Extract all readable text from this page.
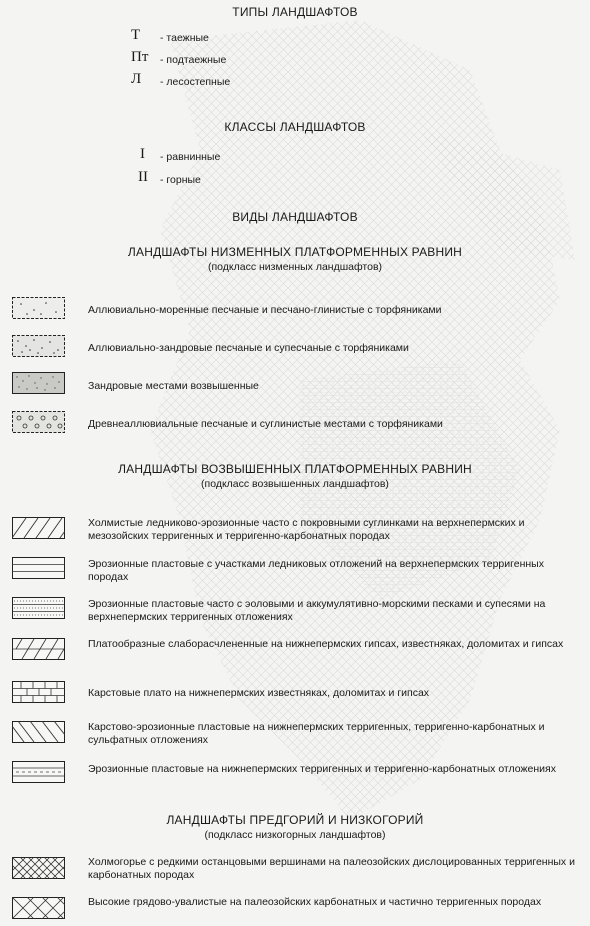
ТИПЫ ЛАНДШАФТОВ
Т - таежные
Пт - подтаежные
Л - лесостепные
КЛАССЫ ЛАНДШАФТОВ
I - равнинные
II - горные
ВИДЫ ЛАНДШАФТОВ
ЛАНДШАФТЫ НИЗМЕННЫХ ПЛАТФОРМЕННЫХ РАВНИН
(подкласс низменных ландшафтов)
Аллювиально-моренные песчаные и песчано-глинистые с торфяниками
Аллювиально-зандровые песчаные и супесчаные с торфяниками
Зандровые местами возвышенные
Древнеаллювиальные песчаные и суглинистые местами с торфяниками
ЛАНДШАФТЫ ВОЗВЫШЕННЫХ ПЛАТФОРМЕННЫХ РАВНИН
(подкласс возвышенных ландшафтов)
Холмистые ледниково-эрозионные часто с покровными суглинками на верхнепермских и мезозойских терригенных и терригенно-карбонатных породах
Эрозионные пластовые с участками ледниковых отложений на верхнепермских терригенных породах
Эрозионные пластовые часто с эоловыми и аккумулятивно-морскими песками и супесями на верхнепермских терригенных отложениях
Платообразные слаборасчлененные на нижнепермских гипсах, известняках, доломитах и гипсах
Карстовые плато на нижнепермских известняках, доломитах и гипсах
Карстово-эрозионные пластовые на нижнепермских терригенных, терригенно-карбонатных и сульфатных отложениях
Эрозионные пластовые на нижнепермских терригенных и терригенно-карбонатных отложениях
ЛАНДШАФТЫ ПРЕДГОРИЙ И НИЗКОГОРИЙ
(подкласс низкогорных ландшафтов)
Холмогорье с редкими останцовыми вершинами на палеозойских дислоцированных терригенных и карбонатных породах
Высокие грядово-увалистые на палеозойских карбонатных и частично терригенных породах
